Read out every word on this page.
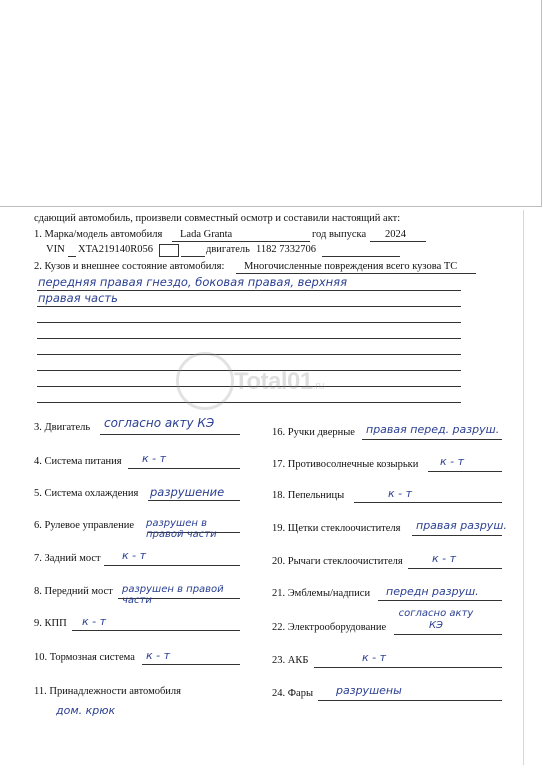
сдающий автомобиль, произвели совместный осмотр и составили настоящий акт:
1. Марка/модель автомобиля Lada Granta	год выпуска 2024
VIN XTA219140R056	двигатель 1182 7332706
2. Кузов и внешнее состояние автомобиля: Многочисленные повреждения всего кузова ТС
передняя правая гнездо, боковая правая, верхняя
правая часть
Total01.ru
3. Двигатель согласно акту КЭ
4. Система питания к - т
5. Система охлаждения разрушение
6. Рулевое управление разрушен в правой части
7. Задний мост к - т
8. Передний мост разрушен в правой части
9. КПП к - т
10. Тормозная система к - т
11. Принадлежности автомобиля
дом. крюк
16. Ручки дверные правая перед. разруш.
17. Противосолнечные козырьки к - т
18. Пепельницы	к - т
19. Щетки стеклоочистителя правая разруш.
20. Рычаги стеклоочистителя	к - т
21. Эмблемы/надписи передн разруш.
22. Электрооборудование
согласно акту КЭ
23. АКБ	к - т
24. Фары разрушены
